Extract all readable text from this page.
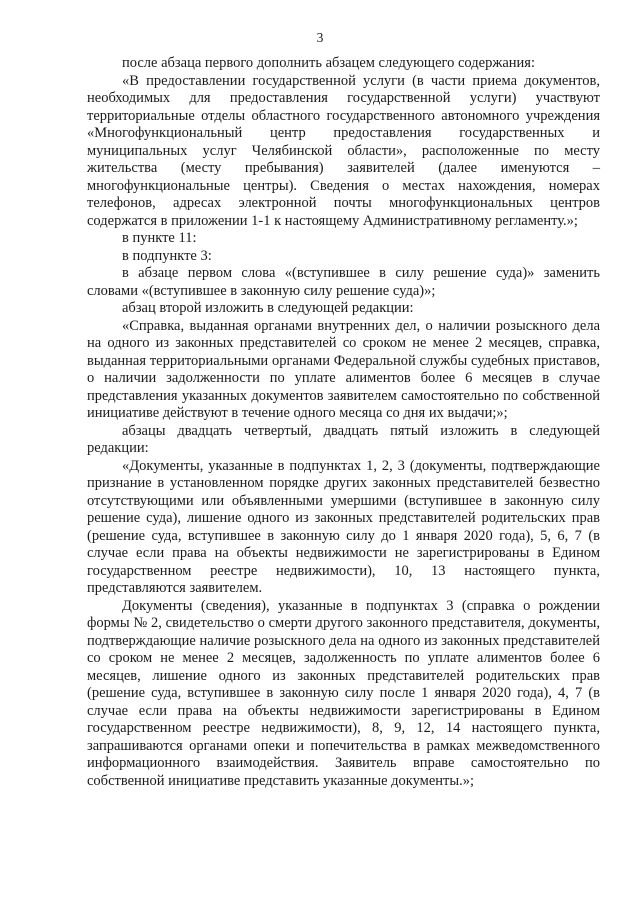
3

после абзаца первого дополнить абзацем следующего содержания:

«В предоставлении государственной услуги (в части приема документов, необходимых для предоставления государственной услуги) участвуют территориальные отделы областного государственного автономного учреждения «Многофункциональный центр предоставления государственных и муниципальных услуг Челябинской области», расположенные по месту жительства (месту пребывания) заявителей (далее именуются – многофункциональные центры). Сведения о местах нахождения, номерах телефонов, адресах электронной почты многофункциональных центров содержатся в приложении 1-1 к настоящему Административному регламенту.»;

в пункте 11:

в подпункте 3:

в абзаце первом слова «(вступившее в силу решение суда)» заменить словами «(вступившее в законную силу решение суда)»;

абзац второй изложить в следующей редакции:

«Справка, выданная органами внутренних дел, о наличии розыскного дела на одного из законных представителей со сроком не менее 2 месяцев, справка, выданная территориальными органами Федеральной службы судебных приставов, о наличии задолженности по уплате алиментов более 6 месяцев в случае представления указанных документов заявителем самостоятельно по собственной инициативе действуют в течение одного месяца со дня их выдачи;»;

абзацы двадцать четвертый, двадцать пятый изложить в следующей редакции:

«Документы, указанные в подпунктах 1, 2, 3 (документы, подтверждающие признание в установленном порядке других законных представителей безвестно отсутствующими или объявленными умершими (вступившее в законную силу решение суда), лишение одного из законных представителей родительских прав (решение суда, вступившее в законную силу до 1 января 2020 года), 5, 6, 7 (в случае если права на объекты недвижимости не зарегистрированы в Едином государственном реестре недвижимости), 10, 13 настоящего пункта, представляются заявителем.

Документы (сведения), указанные в подпунктах 3 (справка о рождении формы № 2, свидетельство о смерти другого законного представителя, документы, подтверждающие наличие розыскного дела на одного из законных представителей со сроком не менее 2 месяцев, задолженность по уплате алиментов более 6 месяцев, лишение одного из законных представителей родительских прав (решение суда, вступившее в законную силу после 1 января 2020 года), 4, 7 (в случае если права на объекты недвижимости зарегистрированы в Едином государственном реестре недвижимости), 8, 9, 12, 14 настоящего пункта, запрашиваются органами опеки и попечительства в рамках межведомственного информационного взаимодействия. Заявитель вправе самостоятельно по собственной инициативе представить указанные документы.»;
